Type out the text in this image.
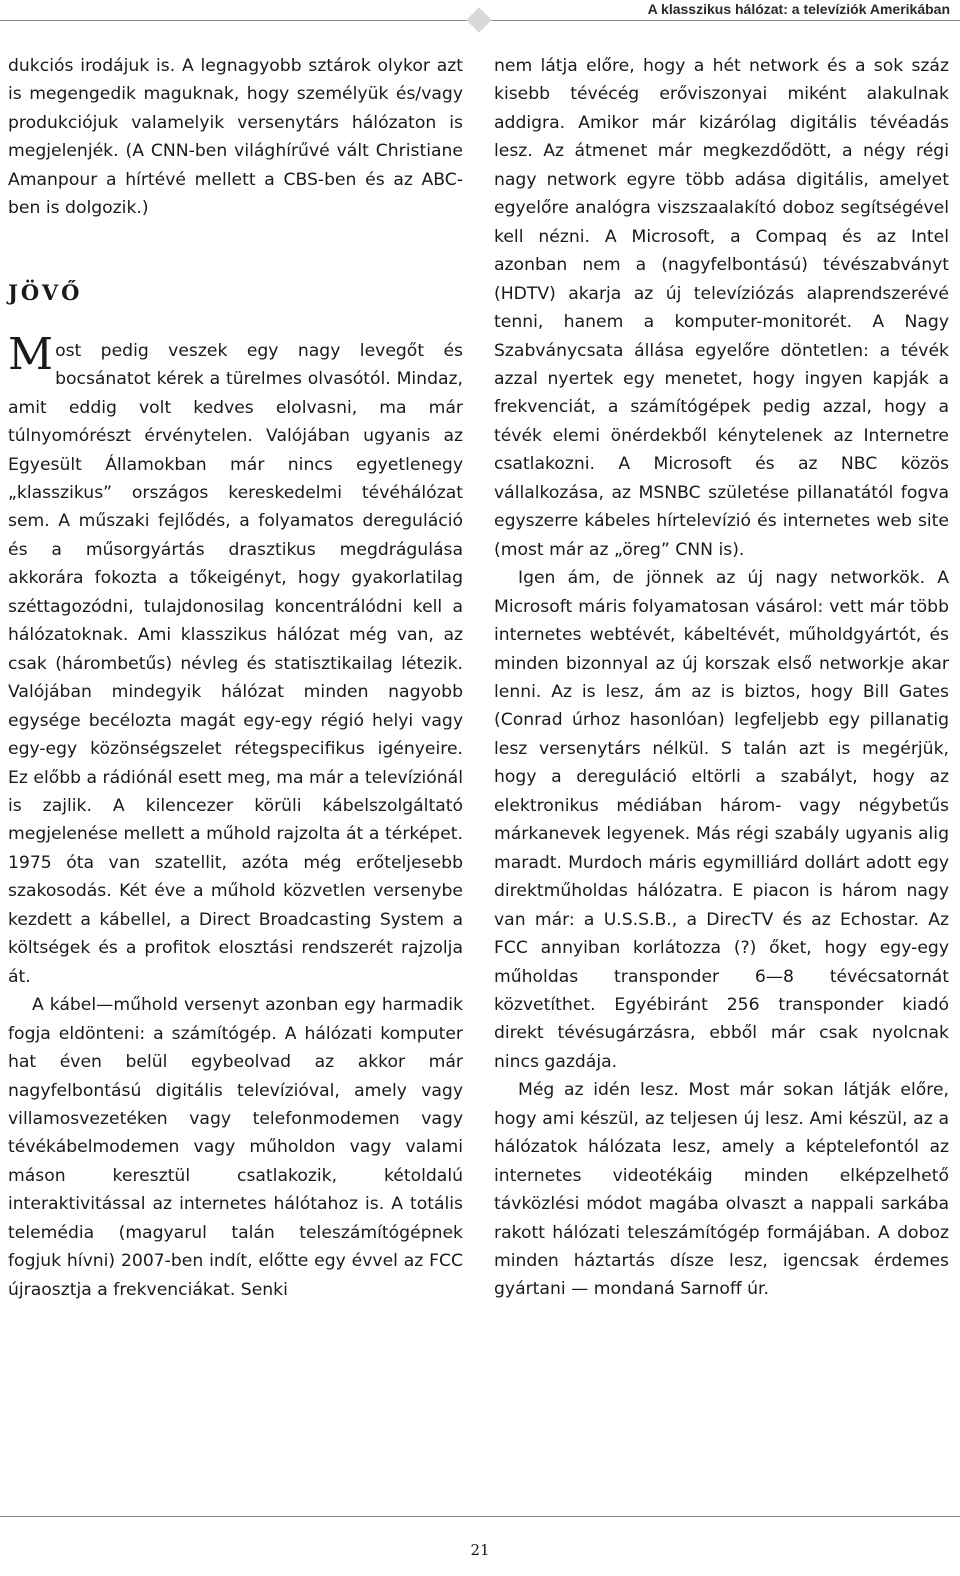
A klasszikus hálózat: a televíziók Amerikában

dukciós irodájuk is. A legnagyobb sztárok olykor azt is megengedik maguknak, hogy személyük és/vagy produkciójuk valamelyik versenytárs hálózaton is megjelenjék. (A CNN-ben világhírűvé vált Christiane Amanpour a hírtévé mellett a CBS-ben és az ABC-ben is dolgozik.)

JÖVŐ

Most pedig veszek egy nagy levegőt és bocsánatot kérek a türelmes olvasótól. Mindaz, amit eddig volt kedves elolvasni, ma már túlnyomórészt érvénytelen. Valójában ugyanis az Egyesült Államokban már nincs egyetlenegy „klasszikus” országos kereskedelmi tévéhálózat sem. A műszaki fejlődés, a folyamatos dereguláció és a műsorgyártás drasztikus megdrágulása akkorára fokozta a tőkeigényt, hogy gyakorlatilag széttagozódni, tulajdonosilag koncentrálódni kell a hálózatoknak. Ami klasszikus hálózat még van, az csak (hárombetűs) névleg és statisztikailag létezik. Valójában mindegyik hálózat minden nagyobb egysége becélozta magát egy-egy régió helyi vagy egy-egy közönségszelet rétegspecifikus igényeire. Ez előbb a rádiónál esett meg, ma már a televíziónál is zajlik. A kilencezer körüli kábelszolgáltató megjelenése mellett a műhold rajzolta át a térképet. 1975 óta van szatellit, azóta még erőteljesebb szakosodás. Két éve a műhold közvetlen versenybe kezdett a kábellel, a Direct Broadcasting System a költségek és a profitok elosztási rendszerét rajzolja át.

A kábel—műhold versenyt azonban egy harmadik fogja eldönteni: a számítógép. A hálózati komputer hat éven belül egybeolvad az akkor már nagyfelbontású digitális televízióval, amely vagy villamosvezetéken vagy telefonmodemen vagy tévékábelmodemen vagy műholdon vagy valami máson keresztül csatlakozik, kétoldalú interaktivitással az internetes hálótahoz is. A totális telemédia (magyarul talán teleszámítógépnek fogjuk hívni) 2007-ben indít, előtte egy évvel az FCC újraosztja a frekvenciákat. Senki

nem látja előre, hogy a hét network és a sok száz kisebb tévécég erőviszonyai miként alakulnak addigra. Amikor már kizárólag digitális tévéadás lesz. Az átmenet már megkezdődött, a négy régi nagy network egyre több adása digitális, amelyet egyelőre analógra viszszaalakító doboz segítségével kell nézni. A Microsoft, a Compaq és az Intel azonban nem a (nagyfelbontású) tévészabványt (HDTV) akarja az új televíziózás alaprendszerévé tenni, hanem a komputer-monitorét. A Nagy Szabványcsata állása egyelőre döntetlen: a tévék azzal nyertek egy menetet, hogy ingyen kapják a frekvenciát, a számítógépek pedig azzal, hogy a tévék elemi önérdekből kénytelenek az Internetre csatlakozni. A Microsoft és az NBC közös vállalkozása, az MSNBC születése pillanatától fogva egyszerre kábeles hírtelevízió és internetes web site (most már az „öreg” CNN is).

Igen ám, de jönnek az új nagy networkök. A Microsoft máris folyamatosan vásárol: vett már több internetes webtévét, kábeltévét, műholdgyártót, és minden bizonnyal az új korszak első networkje akar lenni. Az is lesz, ám az is biztos, hogy Bill Gates (Conrad úrhoz hasonlóan) legfeljebb egy pillanatig lesz versenytárs nélkül. S talán azt is megérjük, hogy a dereguláció eltörli a szabályt, hogy az elektronikus médiában három- vagy négybetűs márkanevek legyenek. Más régi szabály ugyanis alig maradt. Murdoch máris egymilliárd dollárt adott egy direktműholdas hálózatra. E piacon is három nagy van már: a U.S.S.B., a DirecTV és az Echostar. Az FCC annyiban korlátozza (?) őket, hogy egy-egy műholdas transponder 6—8 tévécsatornát közvetíthet. Egyébiránt 256 transponder kiadó direkt tévésugárzásra, ebből már csak nyolcnak nincs gazdája.

Még az idén lesz. Most már sokan látják előre, hogy ami készül, az teljesen új lesz. Ami készül, az a hálózatok hálózata lesz, amely a képtelefontól az internetes videotékáig minden elképzelhető távközlési módot magába olvaszt a nappali sarkába rakott hálózati teleszámítógép formájában. A doboz minden háztartás dísze lesz, igencsak érdemes gyártani — mondaná Sarnoff úr.

21
